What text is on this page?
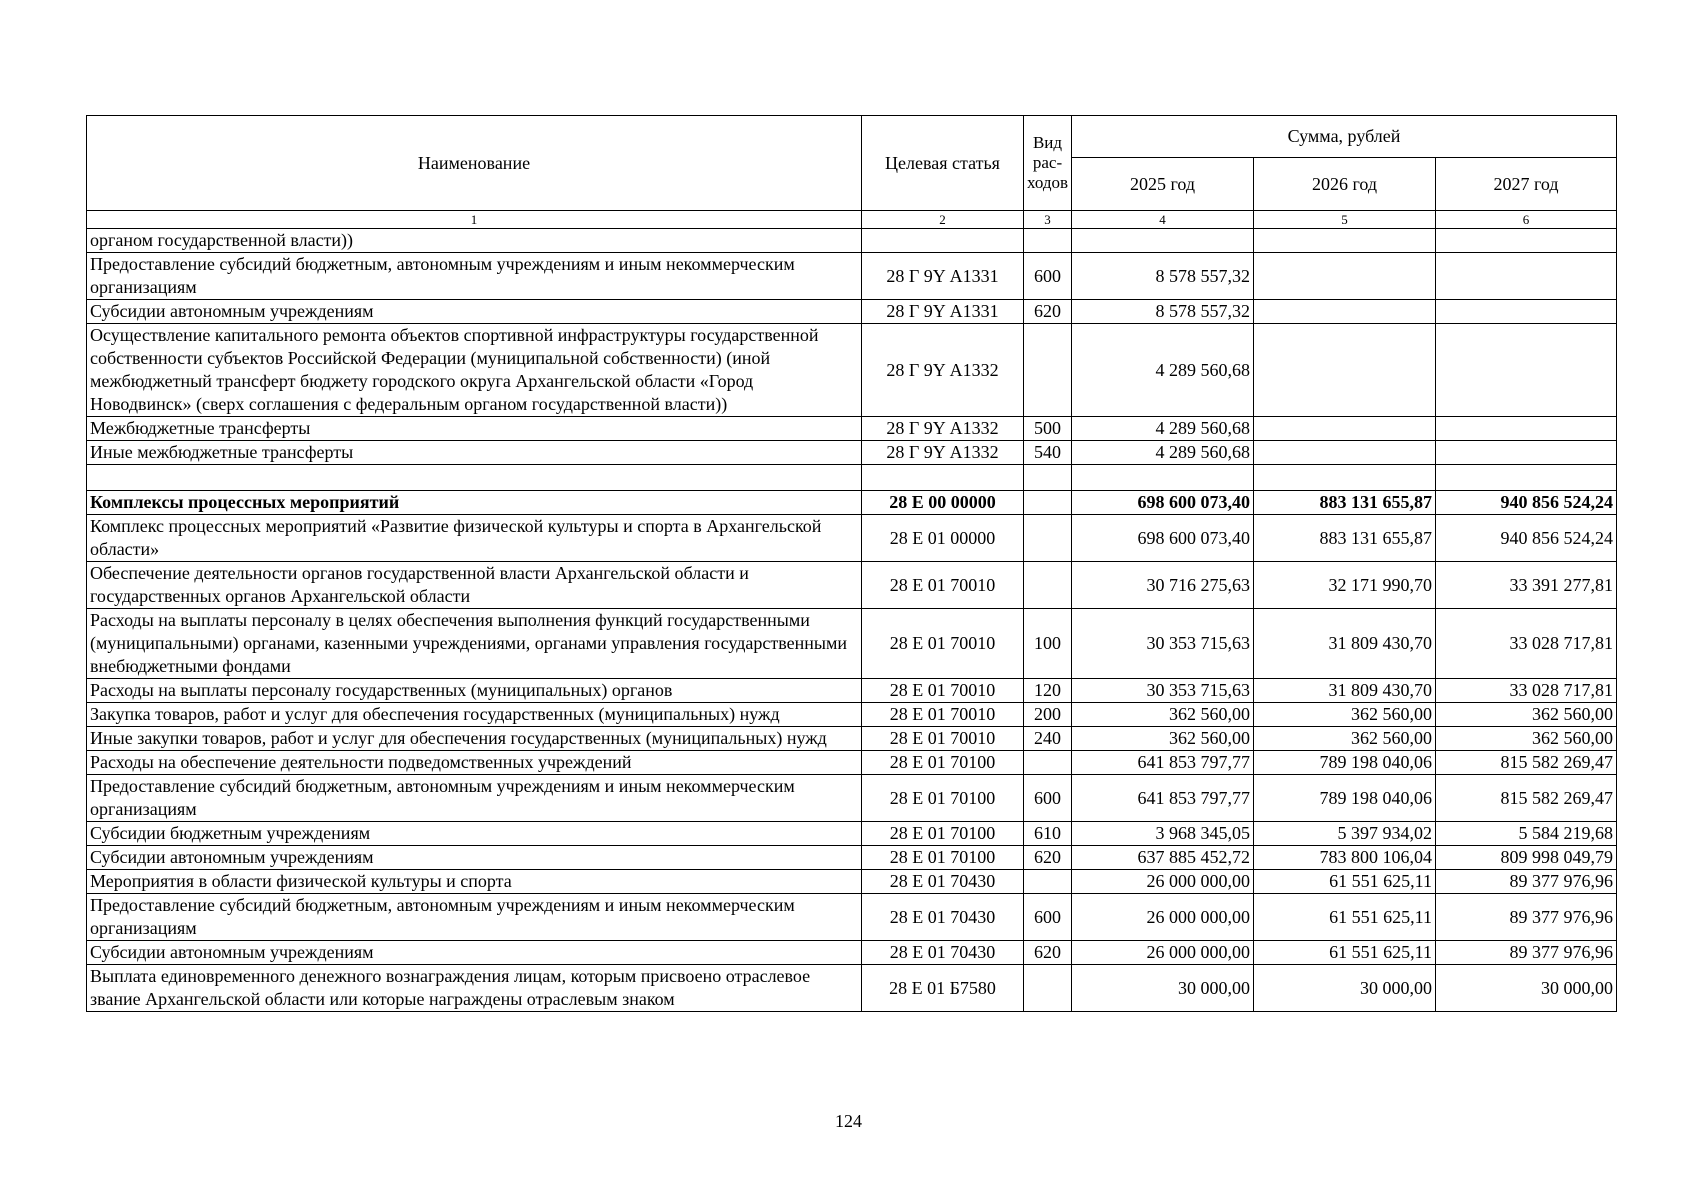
Наименование	Целевая статья	Вид рас-ходов	Сумма, рублей		
			2025 год	2026 год	2027 год
1	2	3	4	5	6
органом государственной власти))					
Предоставление субсидий бюджетным, автономным учреждениям и иным некоммерческим организациям	28 Г 9Y А1331	600	8 578 557,32		
Субсидии автономным учреждениям	28 Г 9Y А1331	620	8 578 557,32		
Осуществление капитального ремонта объектов спортивной инфраструктуры государственной собственности субъектов Российской Федерации (муниципальной собственности) (иной межбюджетный трансферт бюджету городского округа Архангельской области «Город Новодвинск» (сверх соглашения с федеральным органом государственной власти))	28 Г 9Y А1332		4 289 560,68		
Межбюджетные трансферты	28 Г 9Y А1332	500	4 289 560,68		
Иные межбюджетные трансферты	28 Г 9Y А1332	540	4 289 560,68		

Комплексы процессных мероприятий	28 Е 00 00000		698 600 073,40	883 131 655,87	940 856 524,24
Комплекс процессных мероприятий «Развитие физической культуры и спорта в Архангельской области»	28 Е 01 00000		698 600 073,40	883 131 655,87	940 856 524,24
Обеспечение деятельности органов государственной власти Архангельской области и государственных органов Архангельской области	28 Е 01 70010		30 716 275,63	32 171 990,70	33 391 277,81
Расходы на выплаты персоналу в целях обеспечения выполнения функций государственными (муниципальными) органами, казенными учреждениями, органами управления государственными внебюджетными фондами	28 Е 01 70010	100	30 353 715,63	31 809 430,70	33 028 717,81
Расходы на выплаты персоналу государственных (муниципальных) органов	28 Е 01 70010	120	30 353 715,63	31 809 430,70	33 028 717,81
Закупка товаров, работ и услуг для обеспечения государственных (муниципальных) нужд	28 Е 01 70010	200	362 560,00	362 560,00	362 560,00
Иные закупки товаров, работ и услуг для обеспечения государственных (муниципальных) нужд	28 Е 01 70010	240	362 560,00	362 560,00	362 560,00
Расходы на обеспечение деятельности подведомственных учреждений	28 Е 01 70100		641 853 797,77	789 198 040,06	815 582 269,47
Предоставление субсидий бюджетным, автономным учреждениям и иным некоммерческим организациям	28 Е 01 70100	600	641 853 797,77	789 198 040,06	815 582 269,47
Субсидии бюджетным учреждениям	28 Е 01 70100	610	3 968 345,05	5 397 934,02	5 584 219,68
Субсидии автономным учреждениям	28 Е 01 70100	620	637 885 452,72	783 800 106,04	809 998 049,79
Мероприятия в области физической культуры и спорта	28 Е 01 70430		26 000 000,00	61 551 625,11	89 377 976,96
Предоставление субсидий бюджетным, автономным учреждениям и иным некоммерческим организациям	28 Е 01 70430	600	26 000 000,00	61 551 625,11	89 377 976,96
Субсидии автономным учреждениям	28 Е 01 70430	620	26 000 000,00	61 551 625,11	89 377 976,96
Выплата единовременного денежного вознаграждения лицам, которым присвоено отраслевое звание Архангельской области или которые награждены отраслевым знаком	28 Е 01 Б7580		30 000,00	30 000,00	30 000,00
124
